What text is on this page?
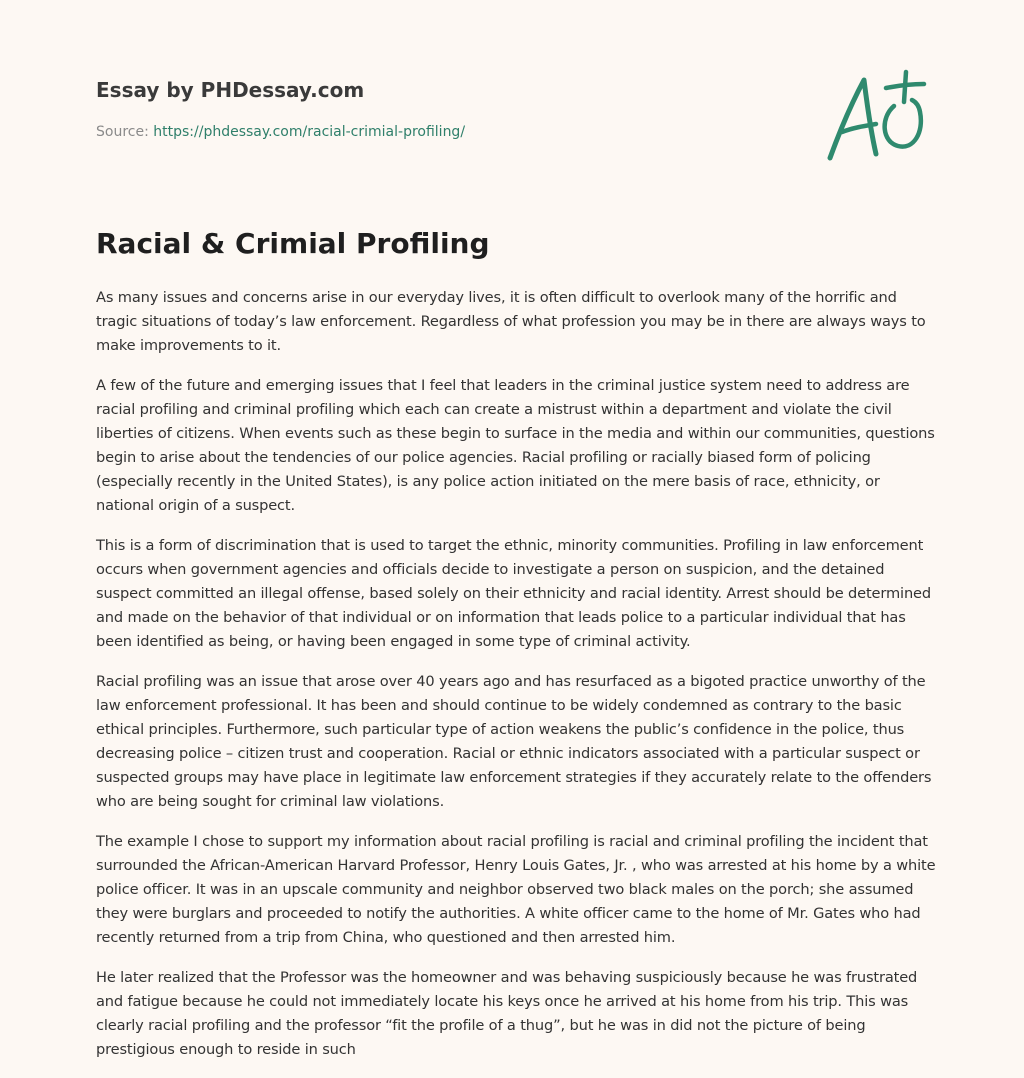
Essay by PHDessay.com
Source: https://phdessay.com/racial-crimial-profiling/
Racial & Crimial Profiling

As many issues and concerns arise in our everyday lives, it is often difficult to overlook many of the horrific and tragic situations of today’s law enforcement. Regardless of what profession you may be in there are always ways to make improvements to it.

A few of the future and emerging issues that I feel that leaders in the criminal justice system need to address are racial profiling and criminal profiling which each can create a mistrust within a department and violate the civil liberties of citizens. When events such as these begin to surface in the media and within our communities, questions begin to arise about the tendencies of our police agencies. Racial profiling or racially biased form of policing (especially recently in the United States), is any police action initiated on the mere basis of race, ethnicity, or national origin of a suspect.

This is a form of discrimination that is used to target the ethnic, minority communities. Profiling in law enforcement occurs when government agencies and officials decide to investigate a person on suspicion, and the detained suspect committed an illegal offense, based solely on their ethnicity and racial identity. Arrest should be determined and made on the behavior of that individual or on information that leads police to a particular individual that has been identified as being, or having been engaged in some type of criminal activity.

Racial profiling was an issue that arose over 40 years ago and has resurfaced as a bigoted practice unworthy of the law enforcement professional. It has been and should continue to be widely condemned as contrary to the basic ethical principles. Furthermore, such particular type of action weakens the public’s confidence in the police, thus decreasing police – citizen trust and cooperation. Racial or ethnic indicators associated with a particular suspect or suspected groups may have place in legitimate law enforcement strategies if they accurately relate to the offenders who are being sought for criminal law violations.

The example I chose to support my information about racial profiling is racial and criminal profiling the incident that surrounded the African-American Harvard Professor, Henry Louis Gates, Jr. , who was arrested at his home by a white police officer. It was in an upscale community and neighbor observed two black males on the porch; she assumed they were burglars and proceeded to notify the authorities. A white officer came to the home of Mr. Gates who had recently returned from a trip from China, who questioned and then arrested him.

He later realized that the Professor was the homeowner and was behaving suspiciously because he was frustrated and fatigue because he could not immediately locate his keys once he arrived at his home from his trip. This was clearly racial profiling and the professor “fit the profile of a thug”, but he was in did not the picture of being prestigious enough to reside in such
